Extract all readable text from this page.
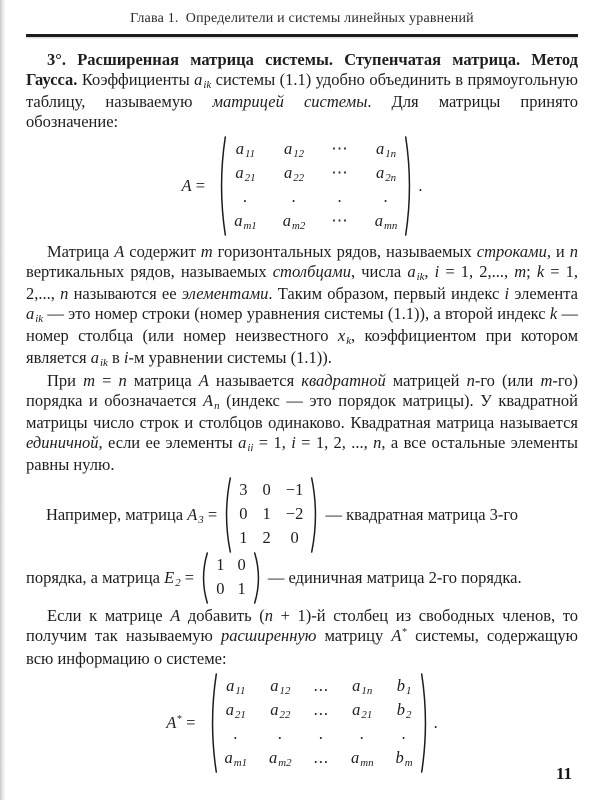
Глава 1. Определители и системы линейных уравнений

3°. Расширенная матрица системы. Ступенчатая матрица. Метод Гаусса. Коэффициенты aik системы (1.1) удобно объединить в прямоугольную таблицу, называемую матрицей системы. Для матрицы принято обозначение:

A =
a11 a12 ⋯ a1n
a21 a22 ⋯ a2n
.	. . .
am1 am2 ⋯ amn
.

Матрица A содержит m горизонтальных рядов, называемых строками, и n вертикальных рядов, называемых столбцами, числа aik, i = 1, 2,..., m; k = 1, 2,..., n называются ее элементами. Таким образом, первый индекс i элемента aik — это номер строки (номер уравнения системы (1.1)), а второй индекс k — номер столбца (или номер неизвестного xk, коэффициентом при котором является aik в i-м уравнении системы (1.1)).

При m = n матрица A называется квадратной матрицей n-го (или m-го) порядка и обозначается An (индекс — это порядок матрицы). У квадратной матрицы число строк и столбцов одинаково. Квадратная матрица называется единичной, если ее элементы aii = 1, i = 1, 2, ..., n, а все остальные элементы равны нулю.

Например, матрица A3 =
3 0 −1
0 1 −2
1 2 0
— квадратная матрица 3-го
порядка, а матрица E2 =
1 0
0 1
— единичная матрица 2-го порядка.

Если к матрице A добавить (n + 1)-й столбец из свободных членов, то получим так называемую расширенную матрицу A* системы, содержащую всю информацию о системе:

A* =
a11 a12 ... a1n b1
a21 a22 ... a21 b2
. . . . .
am1 am2 ... amn bm
.
11
